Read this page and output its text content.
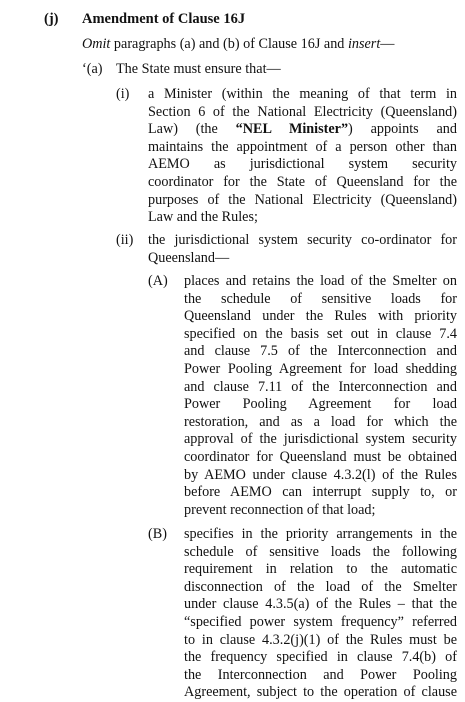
(j) Amendment of Clause 16J
Omit paragraphs (a) and (b) of Clause 16J and insert—
‘(a) The State must ensure that—
(i) a Minister (within the meaning of that term in
Section 6 of the National Electricity (Queensland)
Law) (the “NEL Minister”) appoints and
maintains the appointment of a person other than
AEMO as jurisdictional system security
coordinator for the State of Queensland for the
purposes of the National Electricity (Queensland)
Law and the Rules;
(ii) the jurisdictional system security co-ordinator for
Queensland—
(A) places and retains the load of the Smelter on
the schedule of sensitive loads for
Queensland under the Rules with priority
specified on the basis set out in clause 7.4
and clause 7.5 of the Interconnection and
Power Pooling Agreement for load shedding
and clause 7.11 of the Interconnection and
Power Pooling Agreement for load
restoration, and as a load for which the
approval of the jurisdictional system security
coordinator for Queensland must be obtained
by AEMO under clause 4.3.2(l) of the Rules
before AEMO can interrupt supply to, or
prevent reconnection of that load;
(B) specifies in the priority arrangements in the
schedule of sensitive loads the following
requirement in relation to the automatic
disconnection of the load of the Smelter
under clause 4.3.5(a) of the Rules – that the
“specified power system frequency” referred
to in clause 4.3.2(j)(1) of the Rules must be
the frequency specified in clause 7.4(b) of
the Interconnection and Power Pooling
Agreement, subject to the operation of clause
